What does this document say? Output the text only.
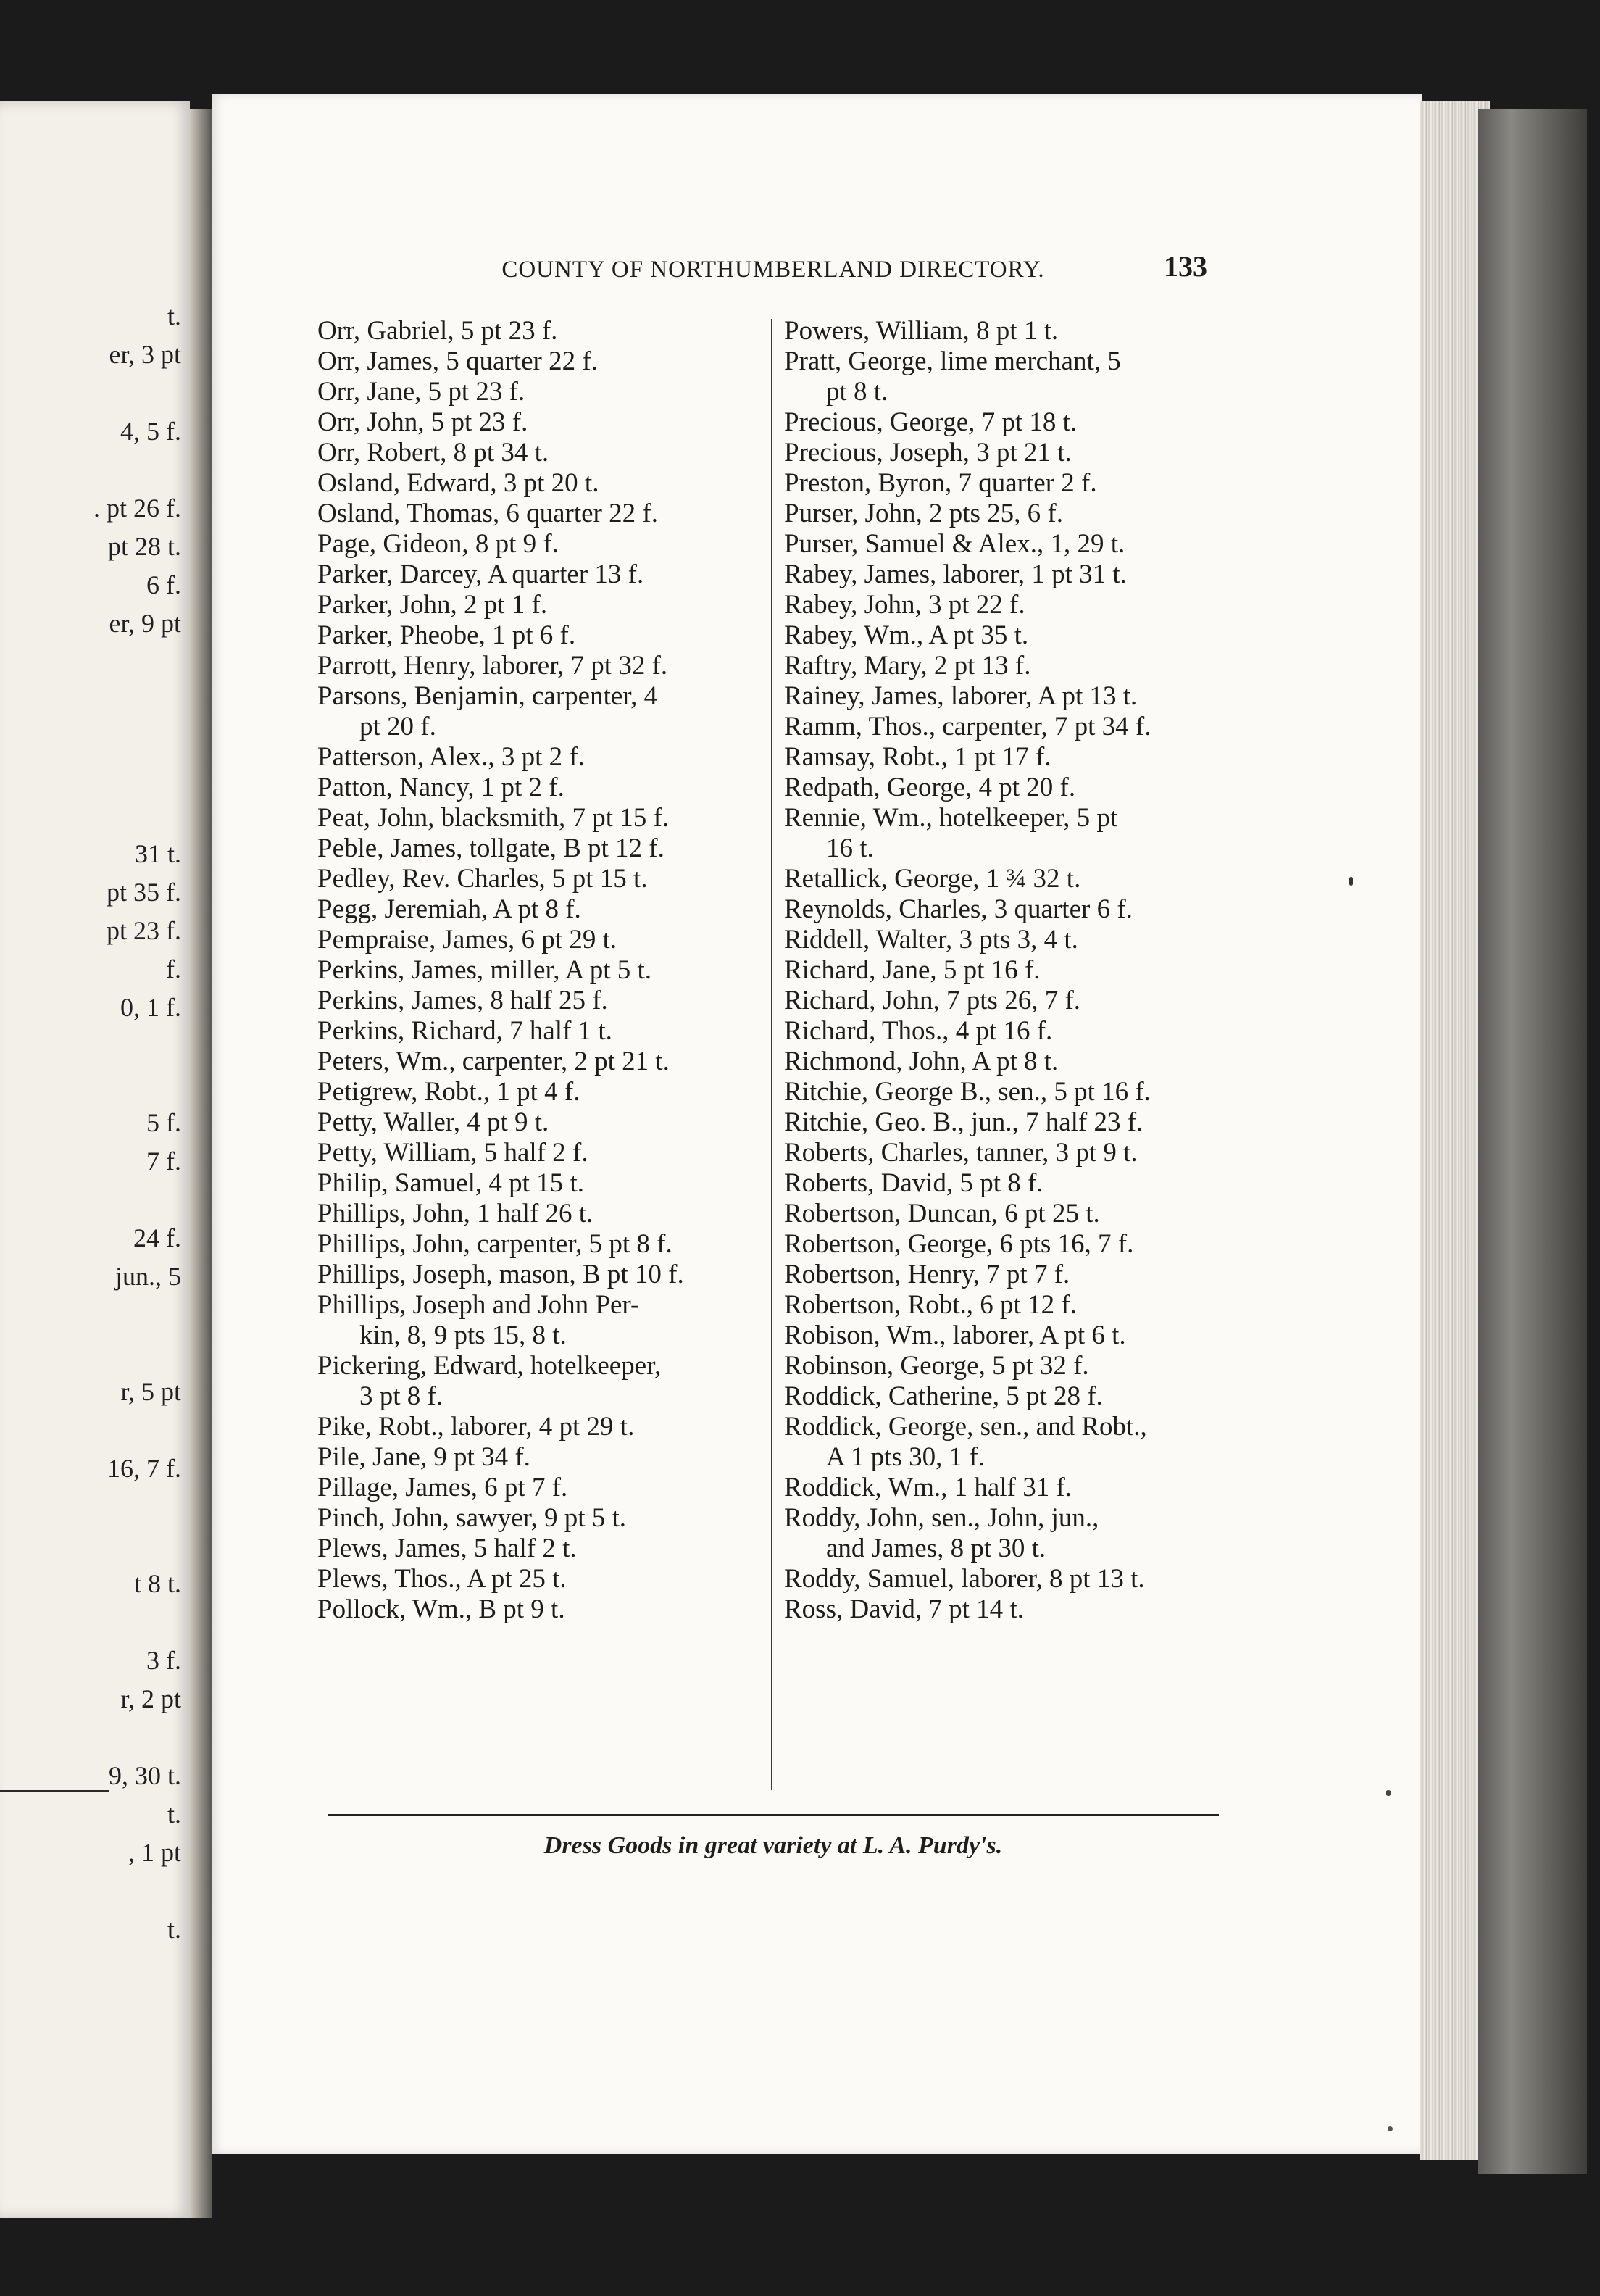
t.
er, 3 pt
4, 5 f.
. pt 26 f.
pt 28 t.
6 f.
er, 9 pt
31 t.
pt 35 f.
pt 23 f.
f.
0, 1 f.
5 f.
7 f.
24 f.
jun., 5
r, 5 pt
16, 7 f.
t 8 t.
3 f.
r, 2 pt
9, 30 t.
t.
, 1 pt
t.
COUNTY OF NORTHUMBERLAND DIRECTORY.	133
Orr, Gabriel, 5 pt 23 f.
Orr, James, 5 quarter 22 f.
Orr, Jane, 5 pt 23 f.
Orr, John, 5 pt 23 f.
Orr, Robert, 8 pt 34 t.
Osland, Edward, 3 pt 20 t.
Osland, Thomas, 6 quarter 22 f.
Page, Gideon, 8 pt 9 f.
Parker, Darcey, A quarter 13 f.
Parker, John, 2 pt 1 f.
Parker, Pheobe, 1 pt 6 f.
Parrott, Henry, laborer, 7 pt 32 f.
Parsons, Benjamin, carpenter, 4
pt 20 f.
Patterson, Alex., 3 pt 2 f.
Patton, Nancy, 1 pt 2 f.
Peat, John, blacksmith, 7 pt 15 f.
Peble, James, tollgate, B pt 12 f.
Pedley, Rev. Charles, 5 pt 15 t.
Pegg, Jeremiah, A pt 8 f.
Pempraise, James, 6 pt 29 t.
Perkins, James, miller, A pt 5 t.
Perkins, James, 8 half 25 f.
Perkins, Richard, 7 half 1 t.
Peters, Wm., carpenter, 2 pt 21 t.
Petigrew, Robt., 1 pt 4 f.
Petty, Waller, 4 pt 9 t.
Petty, William, 5 half 2 f.
Philip, Samuel, 4 pt 15 t.
Phillips, John, 1 half 26 t.
Phillips, John, carpenter, 5 pt 8 f.
Phillips, Joseph, mason, B pt 10 f.
Phillips, Joseph and John Per-
kin, 8, 9 pts 15, 8 t.
Pickering, Edward, hotelkeeper,
3 pt 8 f.
Pike, Robt., laborer, 4 pt 29 t.
Pile, Jane, 9 pt 34 f.
Pillage, James, 6 pt 7 f.
Pinch, John, sawyer, 9 pt 5 t.
Plews, James, 5 half 2 t.
Plews, Thos., A pt 25 t.
Pollock, Wm., B pt 9 t.
Powers, William, 8 pt 1 t.
Pratt, George, lime merchant, 5
pt 8 t.
Precious, George, 7 pt 18 t.
Precious, Joseph, 3 pt 21 t.
Preston, Byron, 7 quarter 2 f.
Purser, John, 2 pts 25, 6 f.
Purser, Samuel & Alex., 1, 29 t.
Rabey, James, laborer, 1 pt 31 t.
Rabey, John, 3 pt 22 f.
Rabey, Wm., A pt 35 t.
Raftry, Mary, 2 pt 13 f.
Rainey, James, laborer, A pt 13 t.
Ramm, Thos., carpenter, 7 pt 34 f.
Ramsay, Robt., 1 pt 17 f.
Redpath, George, 4 pt 20 f.
Rennie, Wm., hotelkeeper, 5 pt
16 t.
Retallick, George, 1 ¾ 32 t.
Reynolds, Charles, 3 quarter 6 f.
Riddell, Walter, 3 pts 3, 4 t.
Richard, Jane, 5 pt 16 f.
Richard, John, 7 pts 26, 7 f.
Richard, Thos., 4 pt 16 f.
Richmond, John, A pt 8 t.
Ritchie, George B., sen., 5 pt 16 f.
Ritchie, Geo. B., jun., 7 half 23 f.
Roberts, Charles, tanner, 3 pt 9 t.
Roberts, David, 5 pt 8 f.
Robertson, Duncan, 6 pt 25 t.
Robertson, George, 6 pts 16, 7 f.
Robertson, Henry, 7 pt 7 f.
Robertson, Robt., 6 pt 12 f.
Robison, Wm., laborer, A pt 6 t.
Robinson, George, 5 pt 32 f.
Roddick, Catherine, 5 pt 28 f.
Roddick, George, sen., and Robt.,
A 1 pts 30, 1 f.
Roddick, Wm., 1 half 31 f.
Roddy, John, sen., John, jun.,
and James, 8 pt 30 t.
Roddy, Samuel, laborer, 8 pt 13 t.
Ross, David, 7 pt 14 t.
Dress Goods in great variety at L. A. Purdy's.
